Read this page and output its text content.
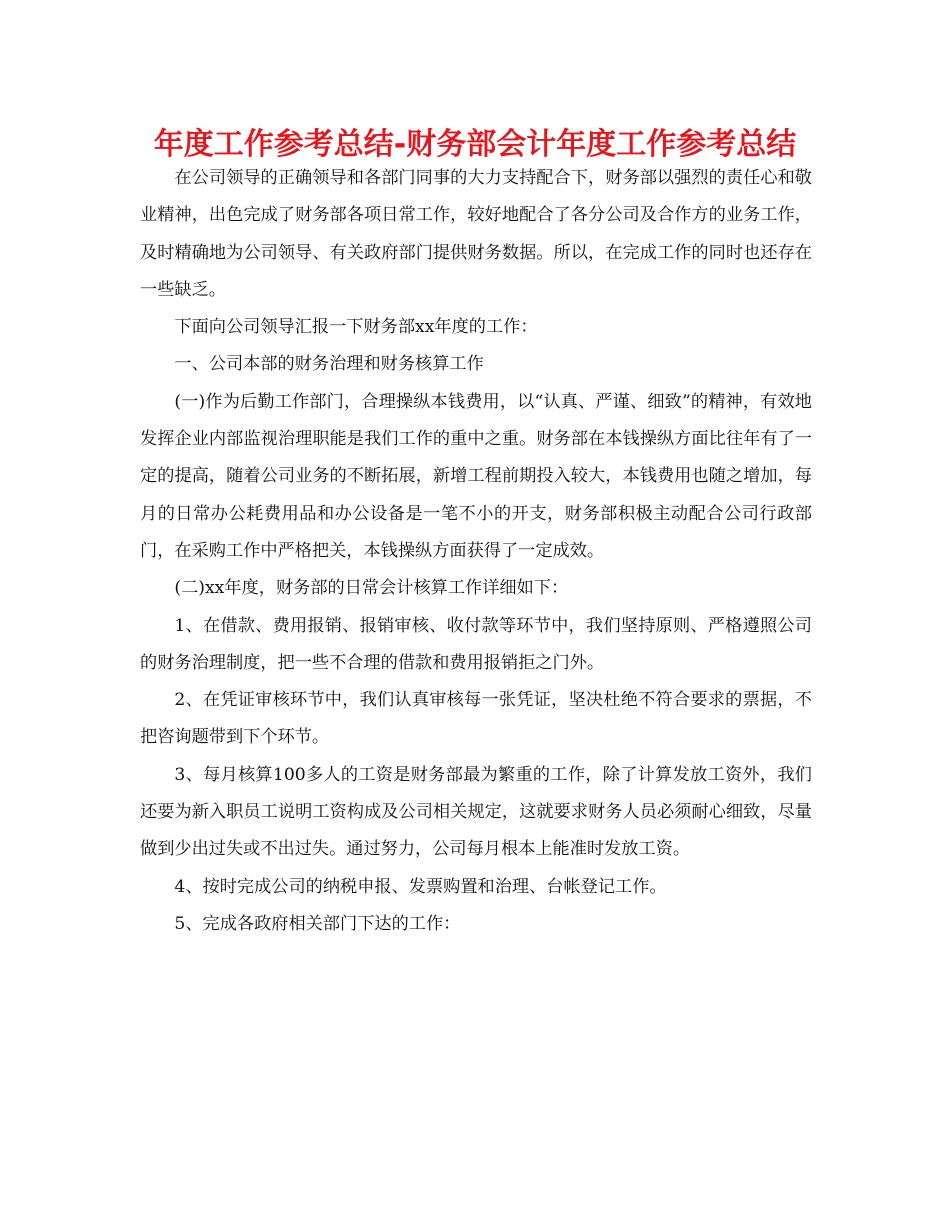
年度工作参考总结-财务部会计年度工作参考总结

在公司领导的正确领导和各部门同事的大力支持配合下，财务部以强烈的责任心和敬业精神，出色完成了财务部各项日常工作，较好地配合了各分公司及合作方的业务工作，及时精确地为公司领导、有关政府部门提供财务数据。所以，在完成工作的同时也还存在一些缺乏。

下面向公司领导汇报一下财务部xx年度的工作：

一、公司本部的财务治理和财务核算工作

(一)作为后勤工作部门，合理操纵本钱费用，以“认真、严谨、细致”的精神，有效地发挥企业内部监视治理职能是我们工作的重中之重。财务部在本钱操纵方面比往年有了一定的提高，随着公司业务的不断拓展，新增工程前期投入较大，本钱费用也随之增加，每月的日常办公耗费用品和办公设备是一笔不小的开支，财务部积极主动配合公司行政部门，在采购工作中严格把关，本钱操纵方面获得了一定成效。

(二)xx年度，财务部的日常会计核算工作详细如下：

1、在借款、费用报销、报销审核、收付款等环节中，我们坚持原则、严格遵照公司的财务治理制度，把一些不合理的借款和费用报销拒之门外。

2、在凭证审核环节中，我们认真审核每一张凭证，坚决杜绝不符合要求的票据，不把咨询题带到下个环节。

3、每月核算100多人的工资是财务部最为繁重的工作，除了计算发放工资外，我们还要为新入职员工说明工资构成及公司相关规定，这就要求财务人员必须耐心细致，尽量做到少出过失或不出过失。通过努力，公司每月根本上能准时发放工资。

4、按时完成公司的纳税申报、发票购置和治理、台帐登记工作。

5、完成各政府相关部门下达的工作：
